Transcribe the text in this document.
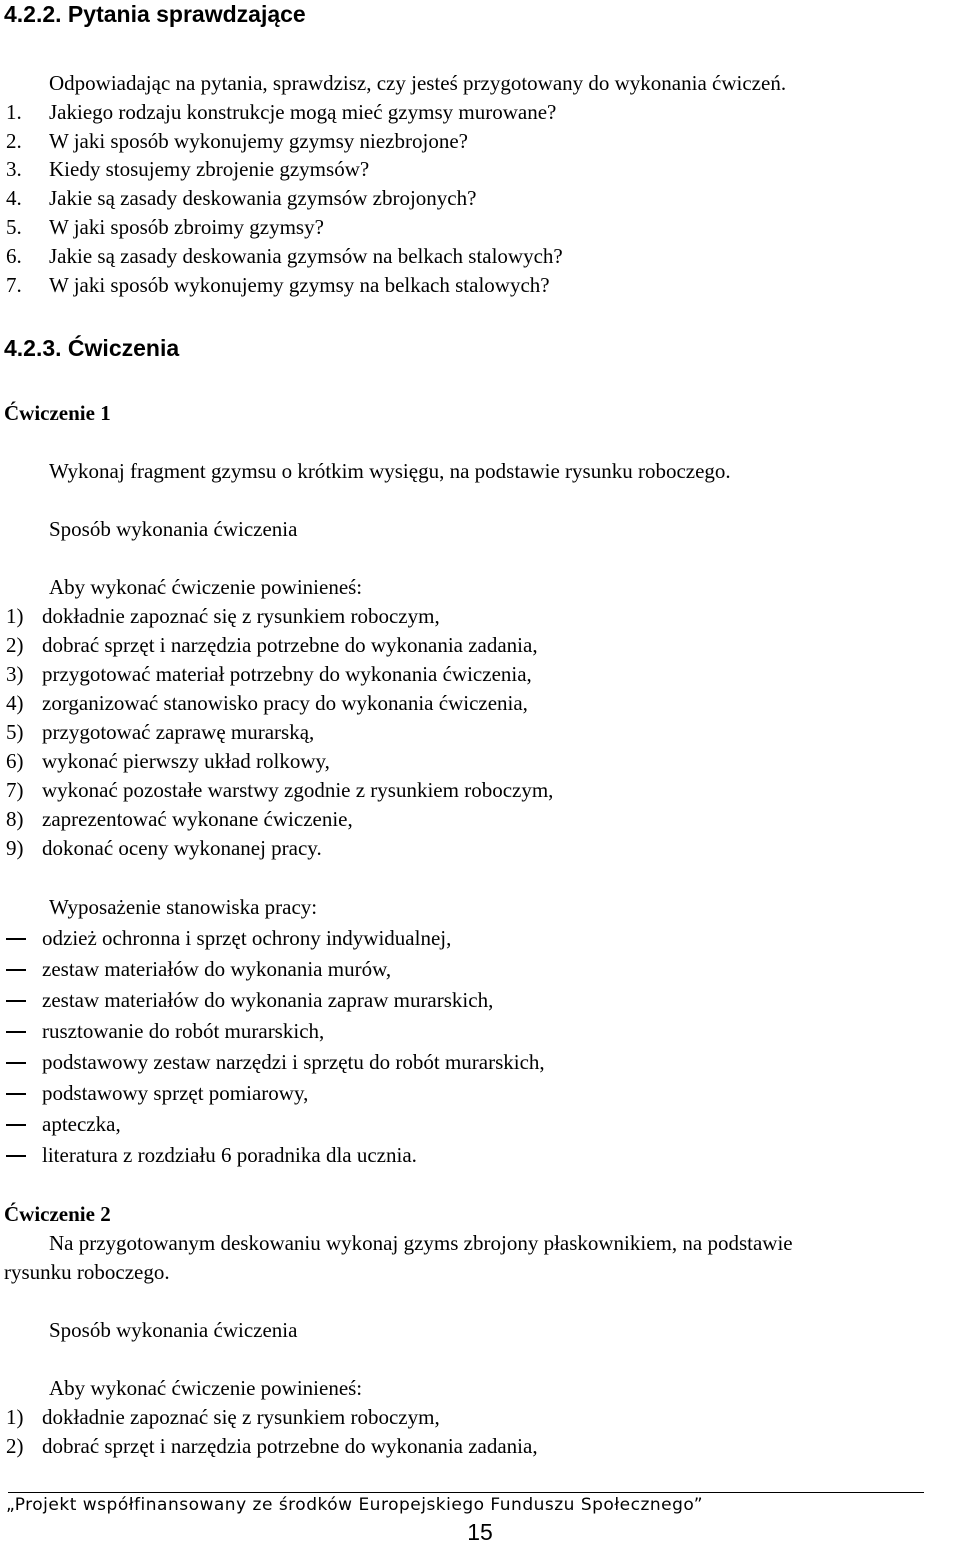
4.2.2. Pytania sprawdzające
Odpowiadając na pytania, sprawdzisz, czy jesteś przygotowany do wykonania ćwiczeń.
1. Jakiego rodzaju konstrukcje mogą mieć gzymsy murowane?
2. W jaki sposób wykonujemy gzymsy niezbrojone?
3. Kiedy stosujemy zbrojenie gzymsów?
4. Jakie są zasady deskowania gzymsów zbrojonych?
5. W jaki sposób zbroimy gzymsy?
6. Jakie są zasady deskowania gzymsów na belkach stalowych?
7. W jaki sposób wykonujemy gzymsy na belkach stalowych?
4.2.3. Ćwiczenia
Ćwiczenie 1
Wykonaj fragment gzymsu o krótkim wysięgu, na podstawie rysunku roboczego.
Sposób wykonania ćwiczenia
Aby wykonać ćwiczenie powinieneś:
1) dokładnie zapoznać się z rysunkiem roboczym,
2) dobrać sprzęt i narzędzia potrzebne do wykonania zadania,
3) przygotować materiał potrzebny do wykonania ćwiczenia,
4) zorganizować stanowisko pracy do wykonania ćwiczenia,
5) przygotować zaprawę murarską,
6) wykonać pierwszy układ rolkowy,
7) wykonać pozostałe warstwy zgodnie z rysunkiem roboczym,
8) zaprezentować wykonane ćwiczenie,
9) dokonać oceny wykonanej pracy.
Wyposażenie stanowiska pracy:
odzież ochronna i sprzęt ochrony indywidualnej,
zestaw materiałów do wykonania murów,
zestaw materiałów do wykonania zapraw murarskich,
rusztowanie do robót murarskich,
podstawowy zestaw narzędzi i sprzętu do robót murarskich,
podstawowy sprzęt pomiarowy,
apteczka,
literatura z rozdziału 6 poradnika dla ucznia.
Ćwiczenie 2
Na przygotowanym deskowaniu wykonaj gzyms zbrojony płaskownikiem, na podstawie
rysunku roboczego.
Sposób wykonania ćwiczenia
Aby wykonać ćwiczenie powinieneś:
1) dokładnie zapoznać się z rysunkiem roboczym,
2) dobrać sprzęt i narzędzia potrzebne do wykonania zadania,
„Projekt współfinansowany ze środków Europejskiego Funduszu Społecznego”
15
